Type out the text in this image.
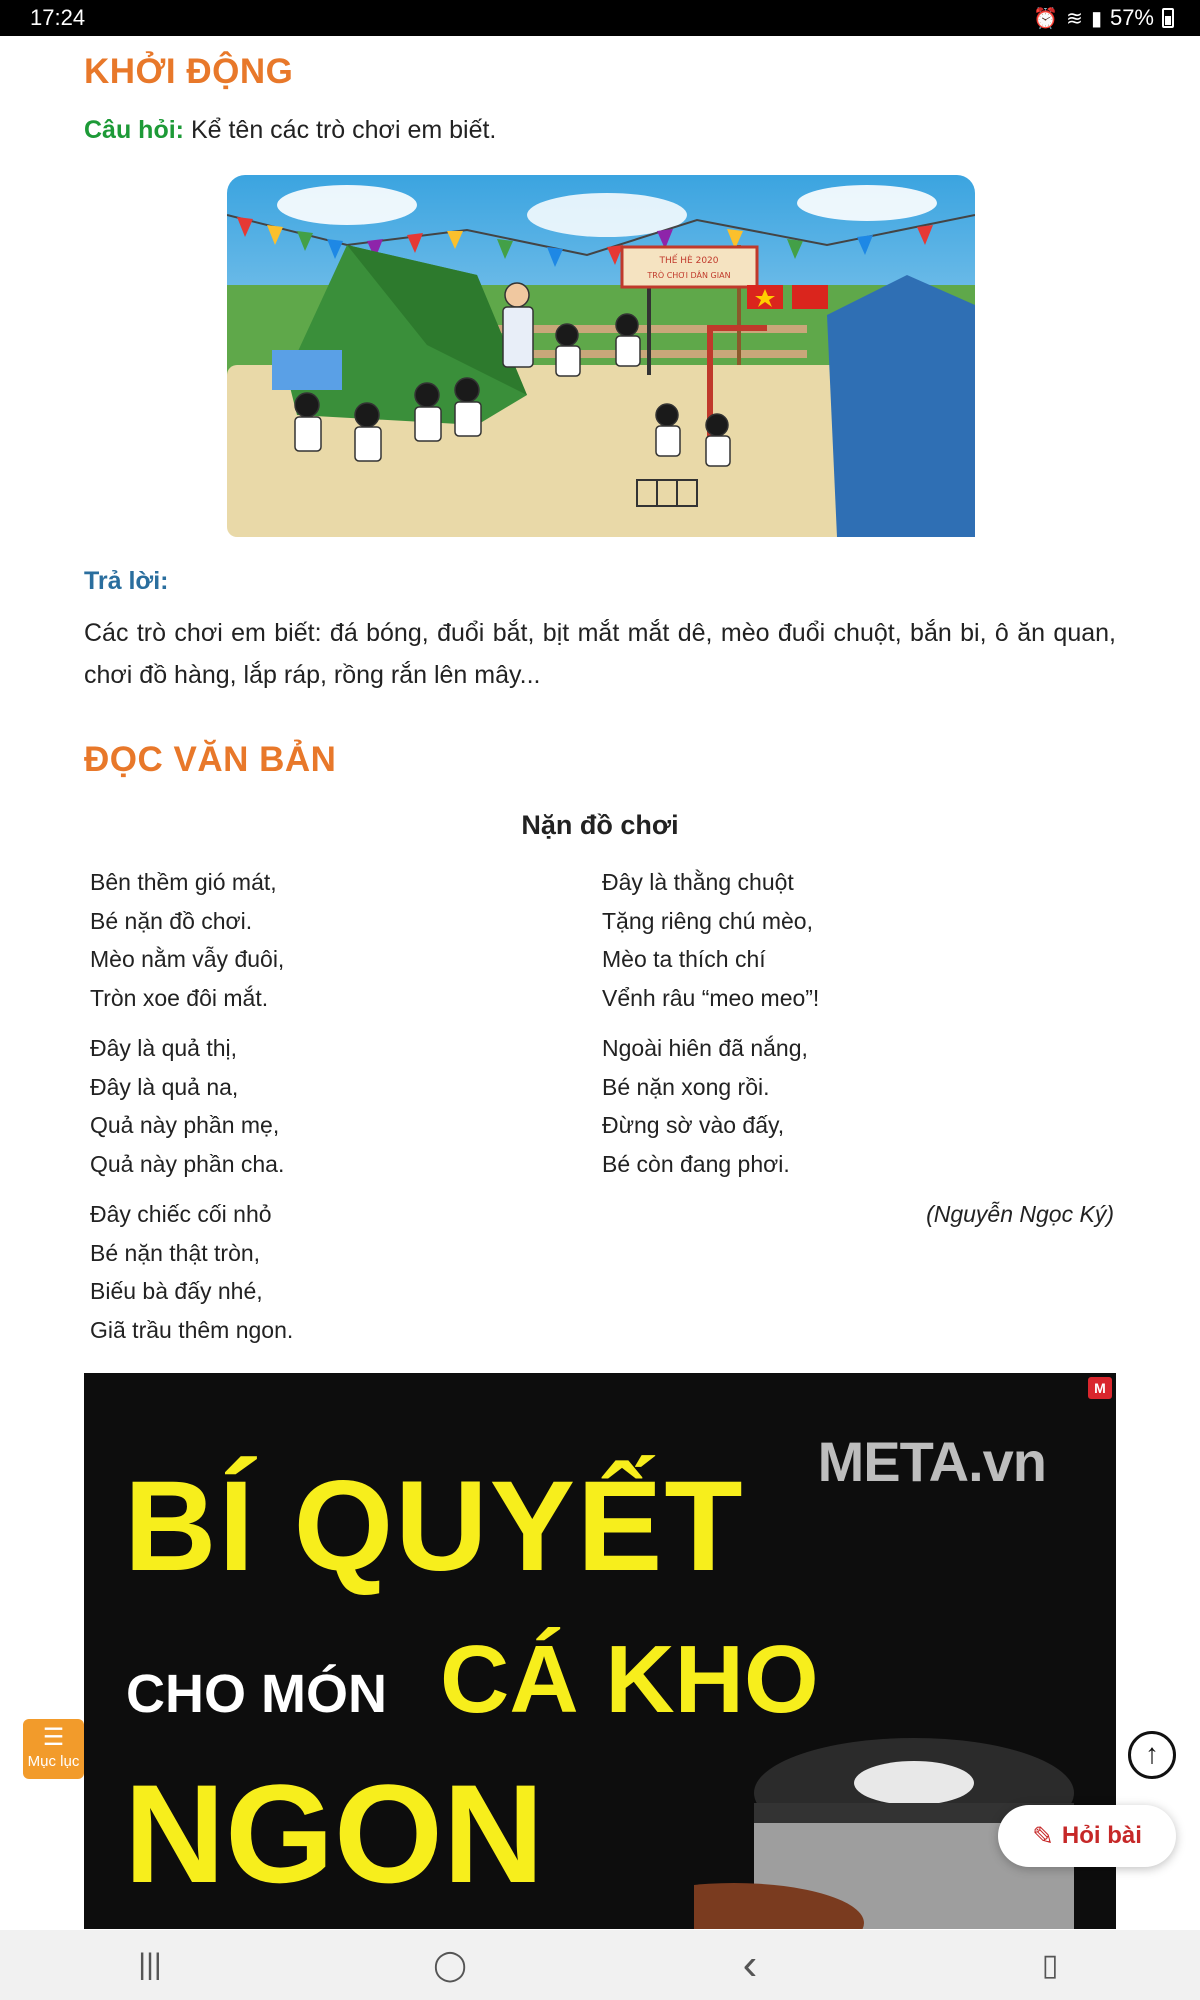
17:24	⏰ ≋ ▮ 57%
KHỞI ĐỘNG

Câu hỏi: Kể tên các trò chơi em biết.

THẾ HÈ 2020
TRÒ CHƠI DÂN GIAN

Trả lời:

Các trò chơi em biết: đá bóng, đuổi bắt, bịt mắt mắt dê, mèo đuổi chuột, bắn bi, ô ăn quan, chơi đồ hàng, lắp ráp, rồng rắn lên mây...

ĐỌC VĂN BẢN

Nặn đồ chơi

Bên thềm gió mát,
Bé nặn đồ chơi.
Mèo nằm vẫy đuôi,
Tròn xoe đôi mắt.
Đây là quả thị,
Đây là quả na,
Quả này phần mẹ,
Quả này phần cha.
Đây chiếc cối nhỏ
Bé nặn thật tròn,
Biếu bà đấy nhé,
Giã trầu thêm ngon.
Đây là thằng chuột
Tặng riêng chú mèo,
Mèo ta thích chí
Vểnh râu “meo meo”!
Ngoài hiên đã nắng,
Bé nặn xong rồi.
Đừng sờ vào đấy,
Bé còn đang phơi.
(Nguyễn Ngọc Ký)
M
META.vn
BÍ QUYẾT
CHO MÓN CÁ KHO
NGON
☰
Mục lục	↑
✎ Hỏi bài
|||	◯	‹	▯
